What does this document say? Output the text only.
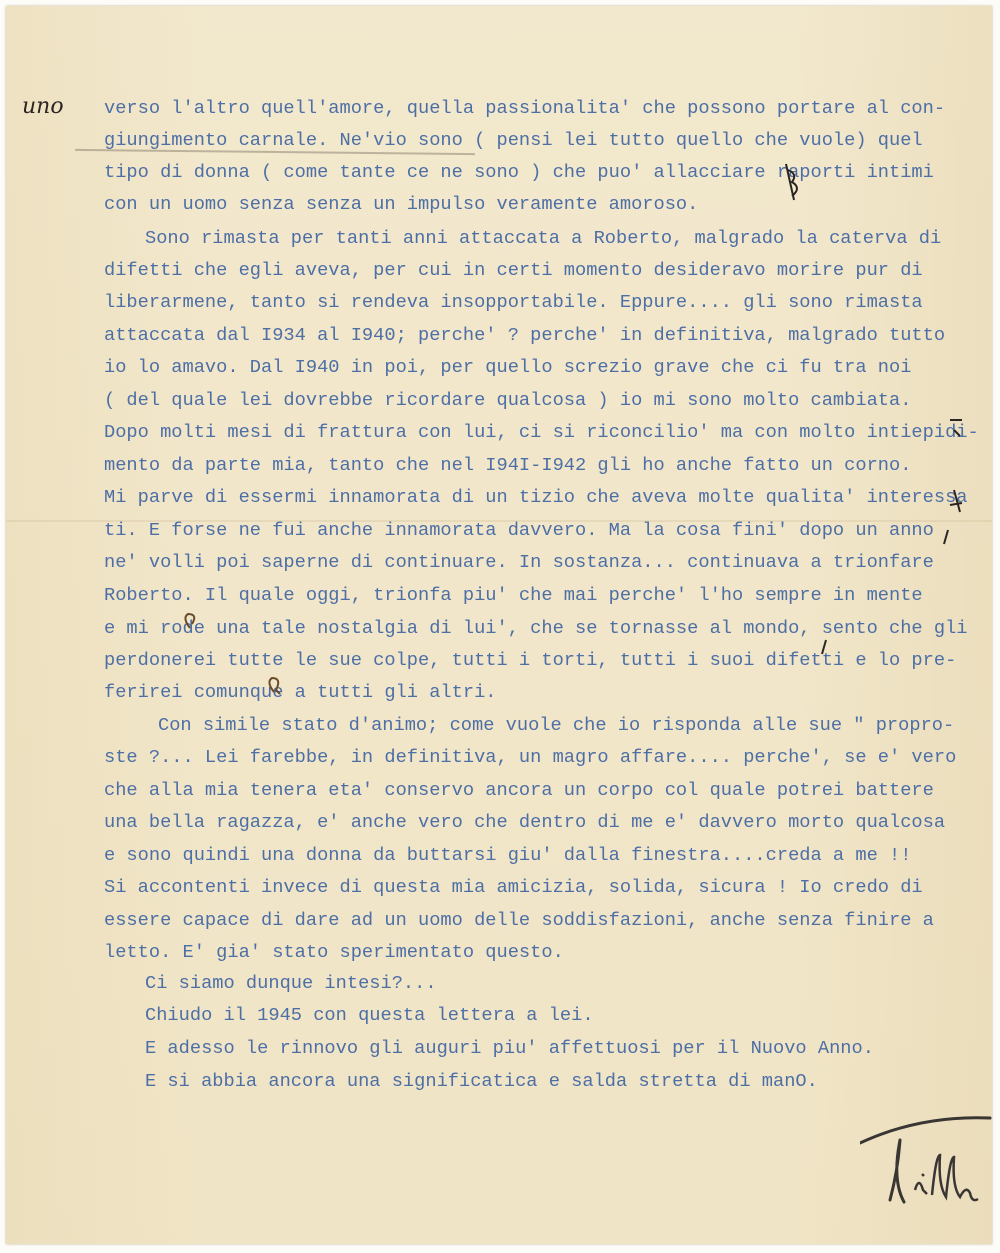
uno verso l'altro quell'amore, quella passionalita' che possono portare al con-
giungimento carnale. Ne'vio sono ( pensi lei tutto quello che vuole) quel
tipo di donna ( come tante ce ne sono ) che puo' allacciare raporti intimi
con un uomo senza senza un impulso veramente amoroso.
Sono rimasta per tanti anni attaccata a Roberto, malgrado la caterva di
difetti che egli aveva, per cui in certi momento desideravo morire pur di
liberarmene, tanto si rendeva insopportabile. Eppure.... gli sono rimasta
attaccata dal I934 al I940; perche' ? perche' in definitiva, malgrado tutto
io lo amavo. Dal I940 in poi, per quello screzio grave che ci fu tra noi
( del quale lei dovrebbe ricordare qualcosa ) io mi sono molto cambiata.
Dopo molti mesi di frattura con lui, ci si riconcilio' ma con molto intiepidi-
mento da parte mia, tanto che nel I94I-I942 gli ho anche fatto un corno.
Mi parve di essermi innamorata di un tizio che aveva molte qualita' interessa
ti. E forse ne fui anche innamorata davvero. Ma la cosa fini' dopo un anno
ne' volli poi saperne di continuare. In sostanza... continuava a trionfare
Roberto. Il quale oggi, trionfa piu' che mai perche' l'ho sempre in mente
e mi rode una tale nostalgia di lui', che se tornasse al mondo, sento che gli
perdonerei tutte le sue colpe, tutti i torti, tutti i suoi difetti e lo pre-
ferirei comunque a tutti gli altri.
Con simile stato d'animo; come vuole che io risponda alle sue " propro-
ste ?... Lei farebbe, in definitiva, un magro affare.... perche', se e' vero
che alla mia tenera eta' conservo ancora un corpo col quale potrei battere
una bella ragazza, e' anche vero che dentro di me e' davvero morto qualcosa
e sono quindi una donna da buttarsi giu' dalla finestra....creda a me !!
Si accontenti invece di questa mia amicizia, solida, sicura ! Io credo di
essere capace di dare ad un uomo delle soddisfazioni, anche senza finire a
letto. E' gia' stato sperimentato questo.
Ci siamo dunque intesi?...
Chiudo il 1945 con questa lettera a lei.
E adesso le rinnovo gli auguri piu' affettuosi per il Nuovo Anno.
E si abbia ancora una significatica e salda stretta di manO.
